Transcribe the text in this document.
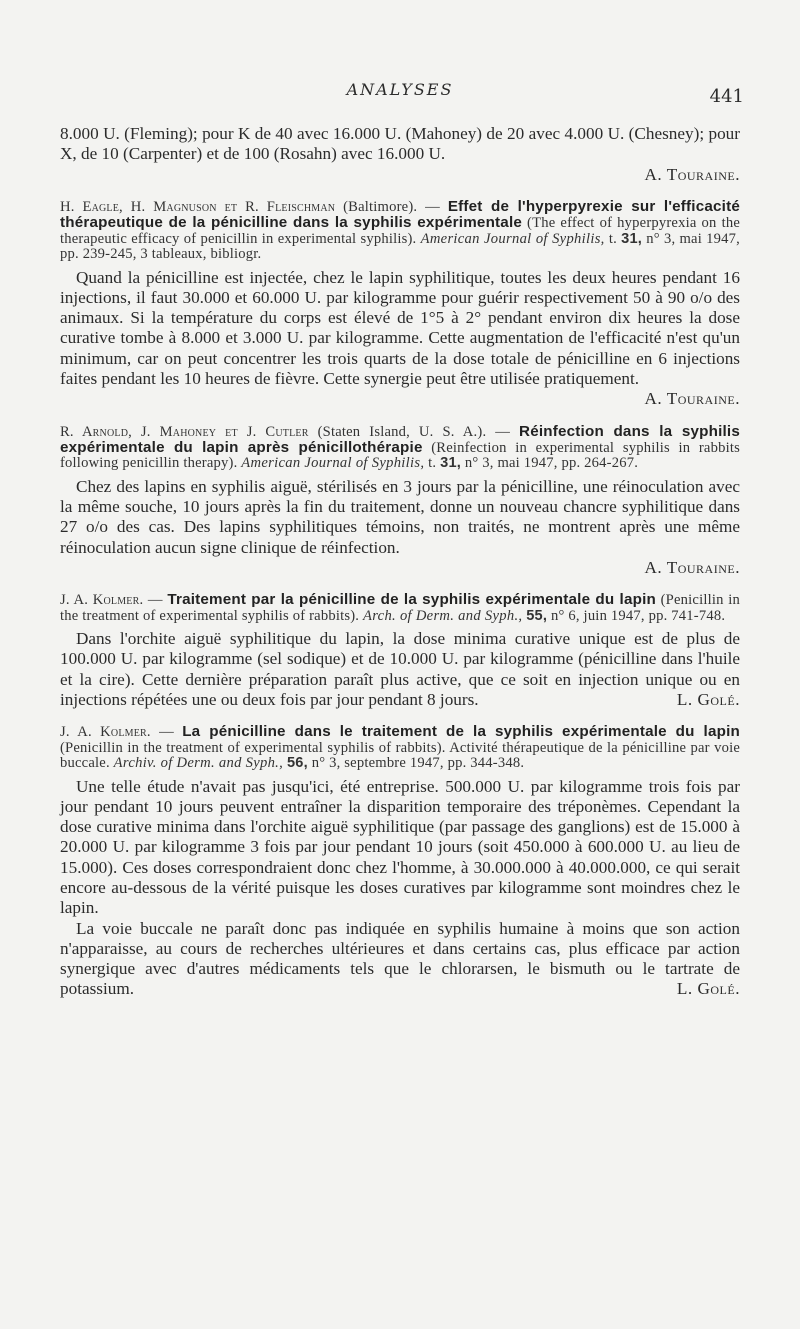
ANALYSES	441

8.000 U. (Fleming); pour K de 40 avec 16.000 U. (Mahoney) de 20 avec 4.000 U. (Chesney); pour X, de 10 (Carpenter) et de 100 (Rosahn) avec 16.000 U.

A. Touraine.

H. Eagle, H. Magnuson et R. Fleischman (Baltimore). — Effet de l'hyperpyrexie sur l'efficacité thérapeutique de la pénicilline dans la syphilis expérimentale (The effect of hyperpyrexia on the therapeutic efficacy of penicillin in experimental syphilis). American Journal of Syphilis, t. 31, n° 3, mai 1947, pp. 239-245, 3 tableaux, bibliogr.

Quand la pénicilline est injectée, chez le lapin syphilitique, toutes les deux heures pendant 16 injections, il faut 30.000 et 60.000 U. par kilogramme pour guérir respectivement 50 à 90 o/o des animaux. Si la température du corps est élevé de 1°5 à 2° pendant environ dix heures la dose curative tombe à 8.000 et 3.000 U. par kilogramme. Cette augmentation de l'efficacité n'est qu'un minimum, car on peut concentrer les trois quarts de la dose totale de pénicilline en 6 injections faites pendant les 10 heures de fièvre. Cette synergie peut être utilisée pratiquement.

A. Touraine.

R. Arnold, J. Mahoney et J. Cutler (Staten Island, U. S. A.). — Réinfection dans la syphilis expérimentale du lapin après pénicillothérapie (Reinfection in experimental syphilis in rabbits following penicillin therapy). American Journal of Syphilis, t. 31, n° 3, mai 1947, pp. 264-267.

Chez des lapins en syphilis aiguë, stérilisés en 3 jours par la pénicilline, une réinoculation avec la même souche, 10 jours après la fin du traitement, donne un nouveau chancre syphilitique dans 27 o/o des cas. Des lapins syphilitiques témoins, non traités, ne montrent après une même réinoculation aucun signe clinique de réinfection.

A. Touraine.

J. A. Kolmer. — Traitement par la pénicilline de la syphilis expérimentale du lapin (Penicillin in the treatment of experimental syphilis of rabbits). Arch. of Derm. and Syph., 55, n° 6, juin 1947, pp. 741-748.

Dans l'orchite aiguë syphilitique du lapin, la dose minima curative unique est de plus de 100.000 U. par kilogramme (sel sodique) et de 10.000 U. par kilogramme (pénicilline dans l'huile et la cire). Cette dernière préparation paraît plus active, que ce soit en injection unique ou en injections répétées une ou deux fois par jour pendant 8 jours.	L. Golé.

J. A. Kolmer. — La pénicilline dans le traitement de la syphilis expérimentale du lapin (Penicillin in the treatment of experimental syphilis of rabbits). Activité thérapeutique de la pénicilline par voie buccale. Archiv. of Derm. and Syph., 56, n° 3, septembre 1947, pp. 344-348.

Une telle étude n'avait pas jusqu'ici, été entreprise. 500.000 U. par kilogramme trois fois par jour pendant 10 jours peuvent entraîner la disparition temporaire des tréponèmes. Cependant la dose curative minima dans l'orchite aiguë syphilitique (par passage des ganglions) est de 15.000 à 20.000 U. par kilogramme 3 fois par jour pendant 10 jours (soit 450.000 à 600.000 U. au lieu de 15.000). Ces doses correspondraient donc chez l'homme, à 30.000.000 à 40.000.000, ce qui serait encore au-dessous de la vérité puisque les doses curatives par kilogramme sont moindres chez le lapin.

La voie buccale ne paraît donc pas indiquée en syphilis humaine à moins que son action n'apparaisse, au cours de recherches ultérieures et dans certains cas, plus efficace par action synergique avec d'autres médicaments tels que le chlorarsen, le bismuth ou le tartrate de potassium.	L. Golé.
